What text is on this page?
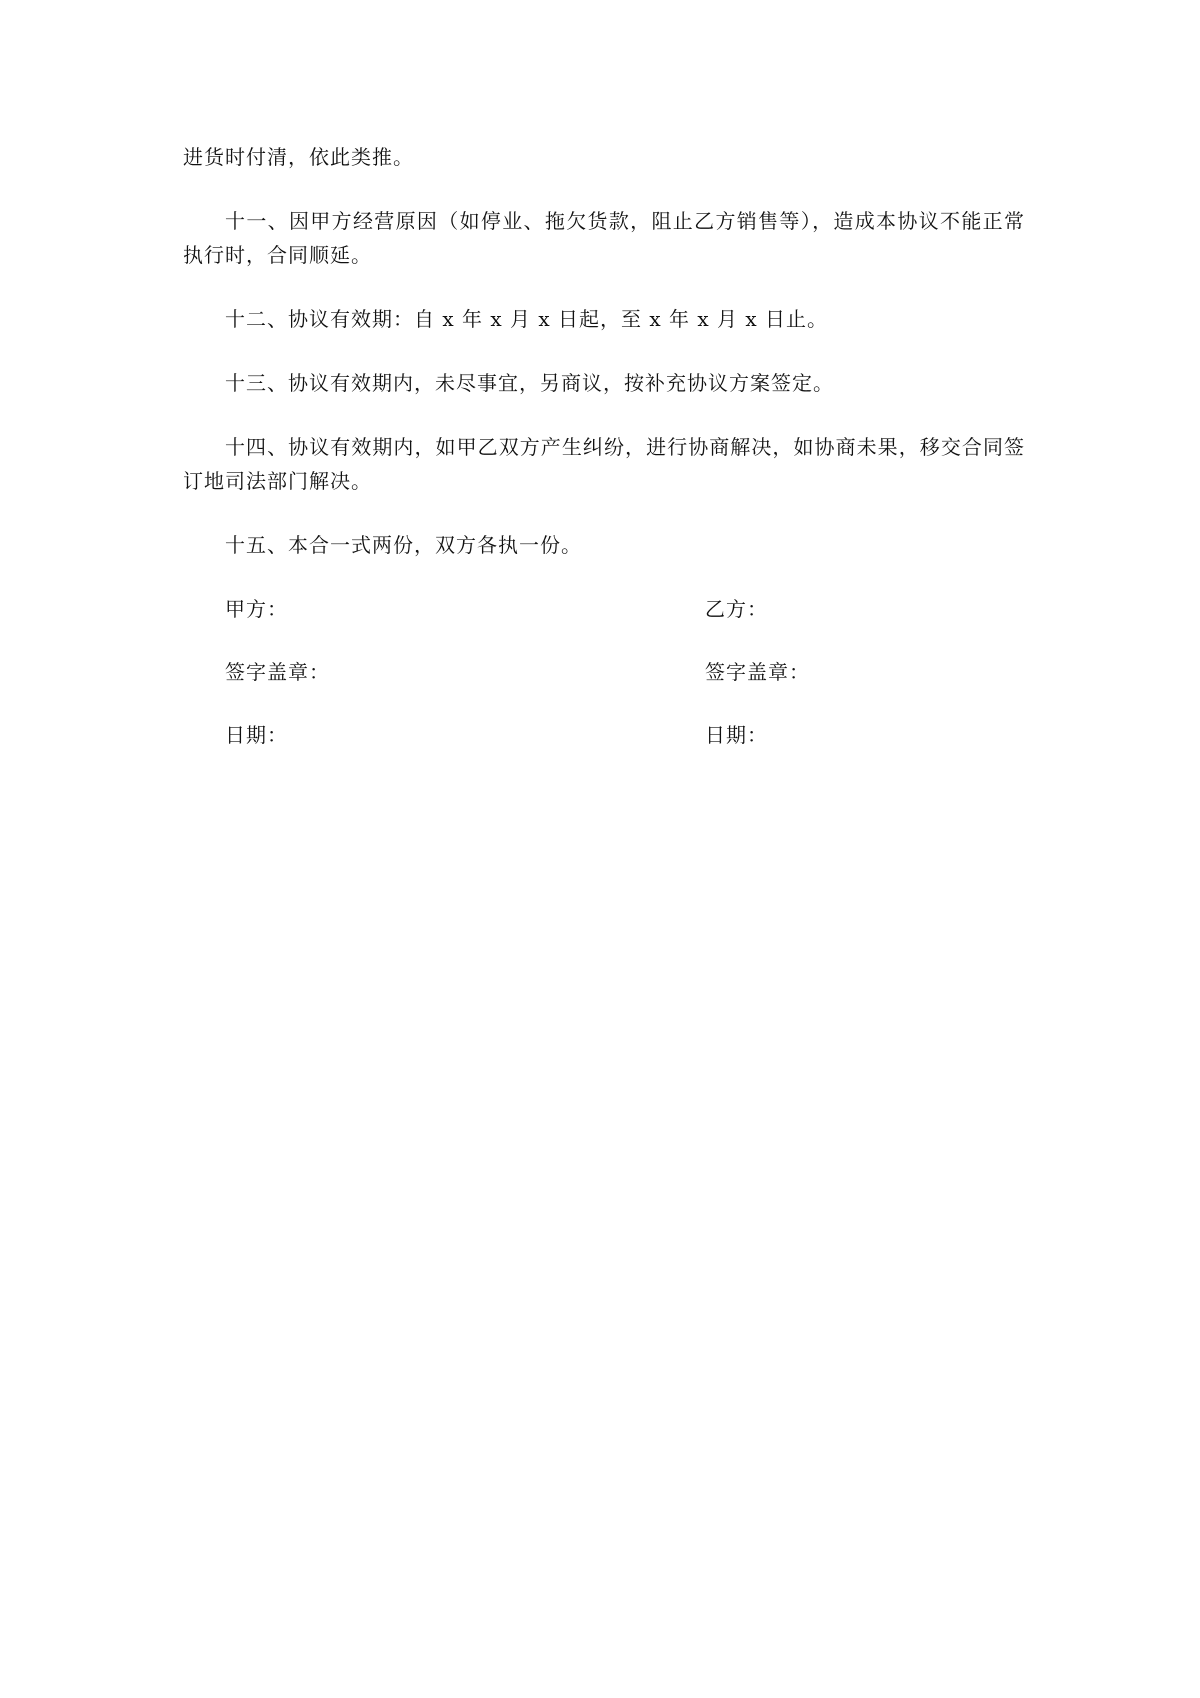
进货时付清，依此类推。

十一、因甲方经营原因（如停业、拖欠货款，阻止乙方销售等），造成本协议不能正常执行时，合同顺延。

十二、协议有效期：自 x 年 x 月 x 日起，至 x 年 x 月 x 日止。

十三、协议有效期内，未尽事宜，另商议，按补充协议方案签定。

十四、协议有效期内，如甲乙双方产生纠纷，进行协商解决，如协商未果，移交合同签订地司法部门解决。

十五、本合一式两份，双方各执一份。

甲方：	乙方：
签字盖章：	签字盖章：
日期：	日期：
